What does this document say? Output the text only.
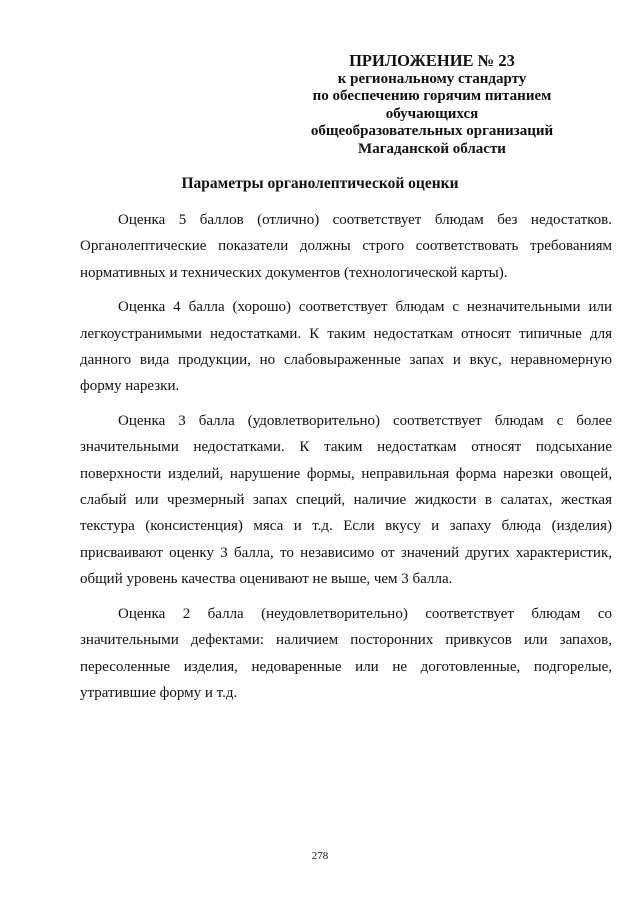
ПРИЛОЖЕНИЕ № 23
к региональному стандарту
по обеспечению горячим питанием
обучающихся
общеобразовательных организаций
Магаданской области
Параметры органолептической оценки

Оценка 5 баллов (отлично) соответствует блюдам без недостатков. Органолептические показатели должны строго соответствовать требованиям нормативных и технических документов (технологической карты).

Оценка 4 балла (хорошо) соответствует блюдам с незначительными или легкоустранимыми недостатками. К таким недостаткам относят типичные для данного вида продукции, но слабовыраженные запах и вкус, неравномерную форму нарезки.

Оценка 3 балла (удовлетворительно) соответствует блюдам с более значительными недостатками. К таким недостаткам относят подсыхание поверхности изделий, нарушение формы, неправильная форма нарезки овощей, слабый или чрезмерный запах специй, наличие жидкости в салатах, жесткая текстура (консистенция) мяса и т.д. Если вкусу и запаху блюда (изделия) присваивают оценку 3 балла, то независимо от значений других характеристик, общий уровень качества оценивают не выше, чем 3 балла.

Оценка 2 балла (неудовлетворительно) соответствует блюдам со значительными дефектами: наличием посторонних привкусов или запахов, пересоленные изделия, недоваренные или не доготовленные, подгорелые, утратившие форму и т.д.

278
